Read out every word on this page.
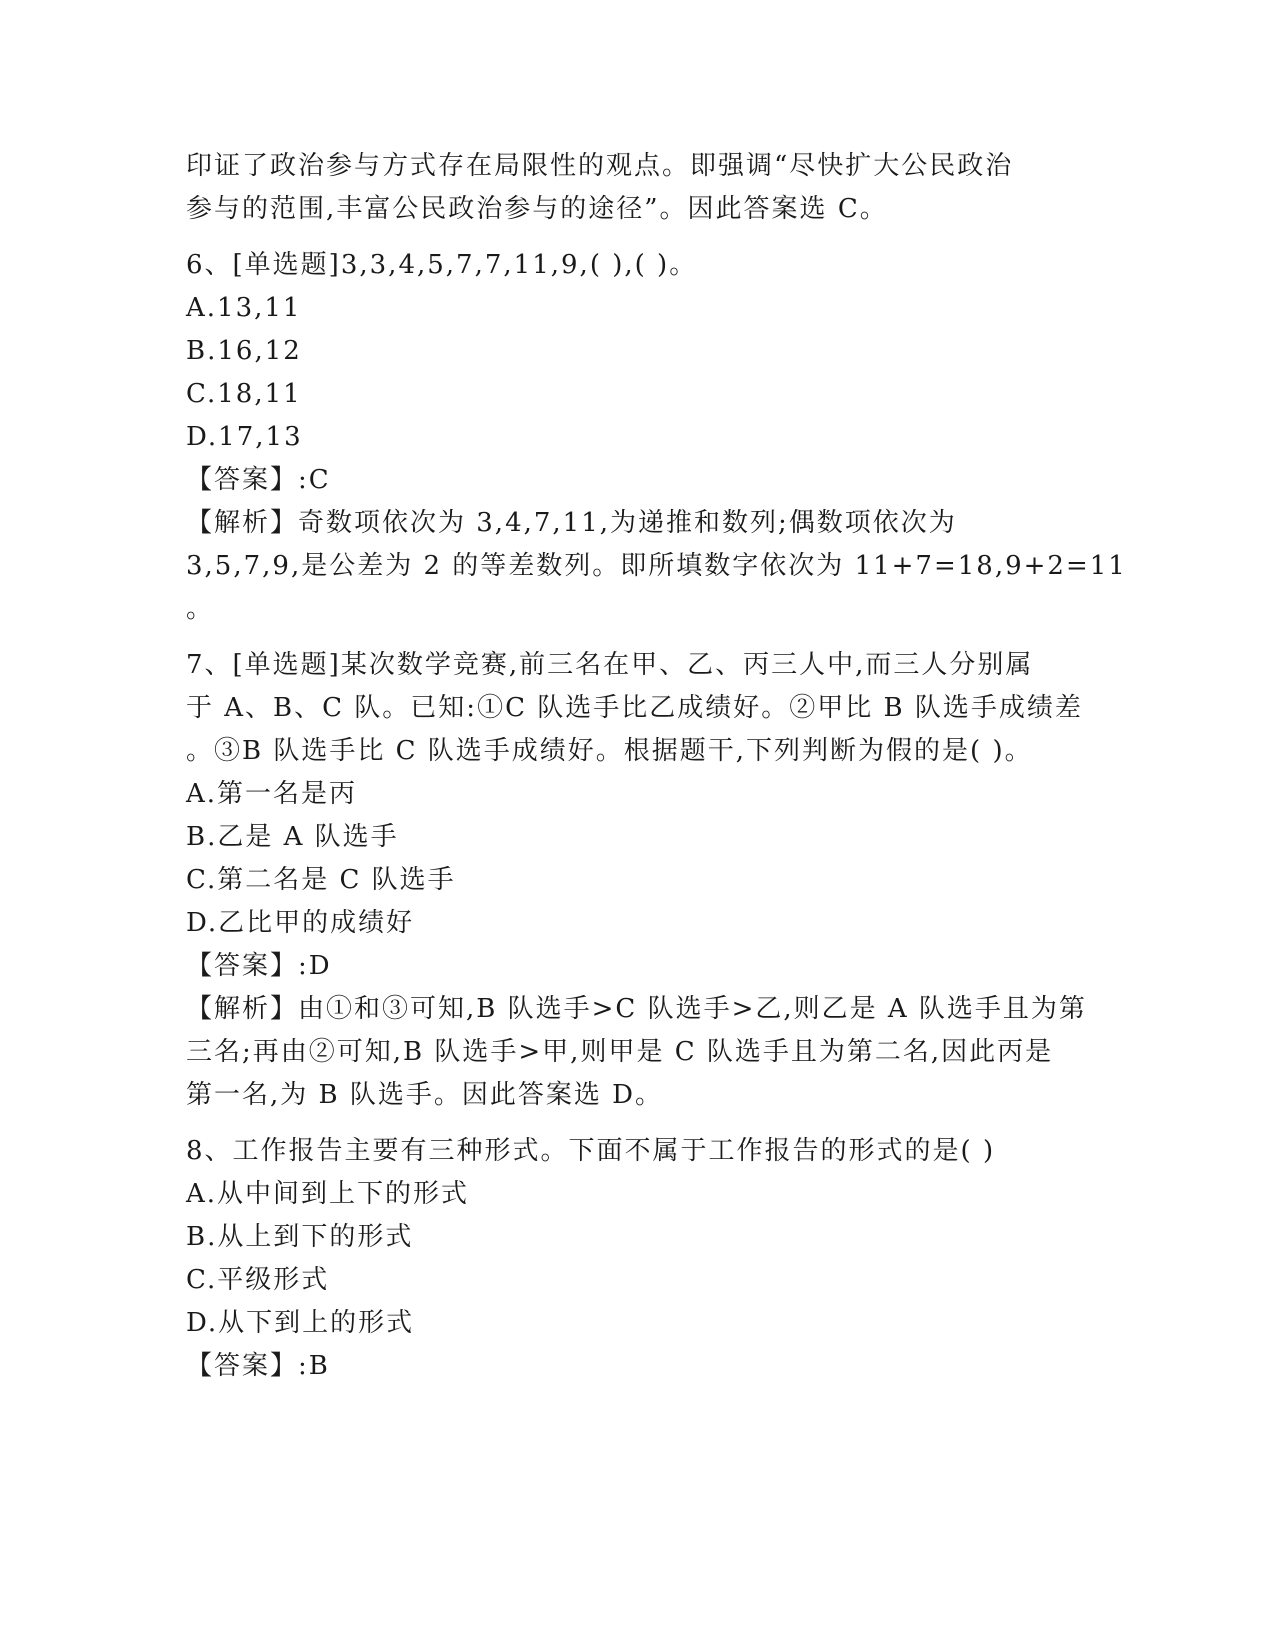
印证了政治参与方式存在局限性的观点。即强调“尽快扩大公民政治
参与的范围,丰富公民政治参与的途径”。因此答案选 C。
6、[单选题]3,3,4,5,7,7,11,9,( ),( )。
A.13,11
B.16,12
C.18,11
D.17,13
【答案】:C
【解析】奇数项依次为 3,4,7,11,为递推和数列;偶数项依次为
3,5,7,9,是公差为 2 的等差数列。即所填数字依次为 11+7=18,9+2=11
。
7、[单选题]某次数学竞赛,前三名在甲、乙、丙三人中,而三人分别属
于 A、B、C 队。已知:①C 队选手比乙成绩好。②甲比 B 队选手成绩差
。③B 队选手比 C 队选手成绩好。根据题干,下列判断为假的是( )。
A.第一名是丙
B.乙是 A 队选手
C.第二名是 C 队选手
D.乙比甲的成绩好
【答案】:D
【解析】由①和③可知,B 队选手>C 队选手>乙,则乙是 A 队选手且为第
三名;再由②可知,B 队选手>甲,则甲是 C 队选手且为第二名,因此丙是
第一名,为 B 队选手。因此答案选 D。
8、工作报告主要有三种形式。下面不属于工作报告的形式的是( )
A.从中间到上下的形式
B.从上到下的形式
C.平级形式
D.从下到上的形式
【答案】:B
